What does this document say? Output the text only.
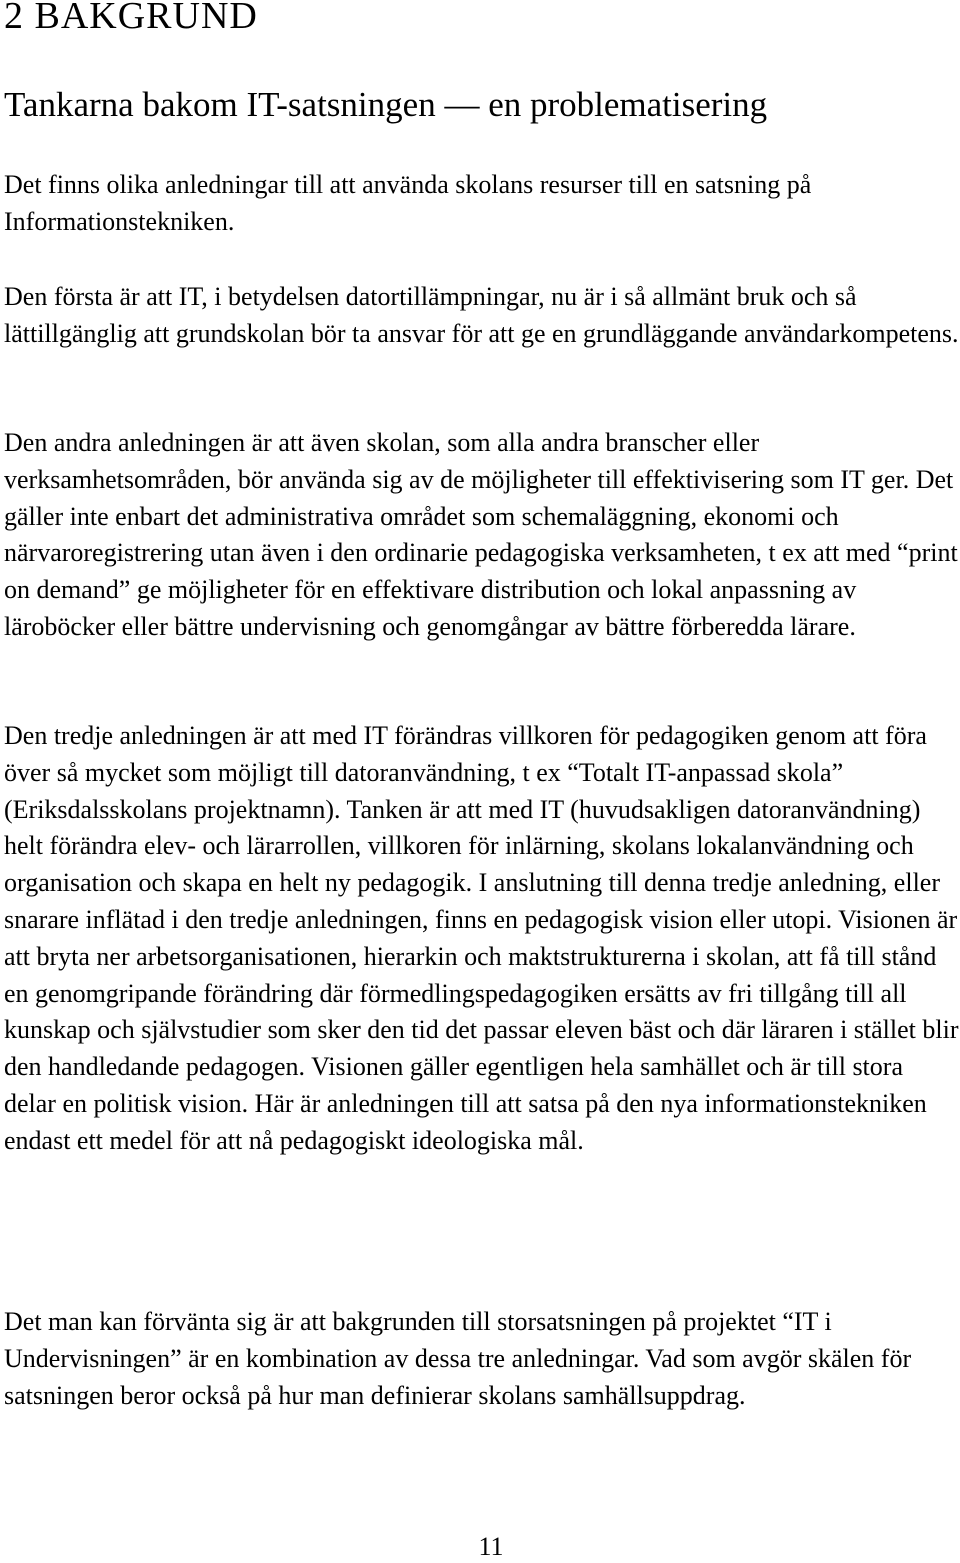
2 BAKGRUND
Tankarna bakom IT-satsningen — en problematisering

Det finns olika anledningar till att använda skolans resurser till en satsning på Informationstekniken.

Den första är att IT, i betydelsen datortillämpningar, nu är i så allmänt bruk och så lättillgänglig att grundskolan bör ta ansvar för att ge en grundläggande användarkompetens.

Den andra anledningen är att även skolan, som alla andra branscher eller verksamhetsområden, bör använda sig av de möjligheter till effektivisering som IT ger. Det gäller inte enbart det administrativa området som schemaläggning, ekonomi och närvaroregistrering utan även i den ordinarie pedagogiska verksamheten, t ex att med “print on demand” ge möjligheter för en effektivare distribution och lokal anpassning av läroböcker eller bättre undervisning och genomgångar av bättre förberedda lärare.

Den tredje anledningen är att med IT förändras villkoren för pedagogiken genom att föra över så mycket som möjligt till datoranvändning, t ex “Totalt IT-anpassad skola” (Eriksdalsskolans projektnamn). Tanken är att med IT (huvudsakligen datoranvändning) helt förändra elev- och lärarrollen, villkoren för inlärning, skolans lokalanvändning och organisation och skapa en helt ny pedagogik. I anslutning till denna tredje anledning, eller snarare inflätad i den tredje anledningen, finns en pedagogisk vision eller utopi. Visionen är att bryta ner arbetsorganisationen, hierarkin och maktstrukturerna i skolan, att få till stånd en genomgripande förändring där förmedlingspedagogiken ersätts av fri tillgång till all kunskap och självstudier som sker den tid det passar eleven bäst och där läraren i stället blir den handledande pedagogen. Visionen gäller egentligen hela samhället och är till stora delar en politisk vision. Här är anledningen till att satsa på den nya informationstekniken endast ett medel för att nå pedagogiskt ideologiska mål.

Det man kan förvänta sig är att bakgrunden till storsatsningen på projektet “IT i Undervisningen” är en kombination av dessa tre anledningar. Vad som avgör skälen för satsningen beror också på hur man definierar skolans samhällsuppdrag.

11
